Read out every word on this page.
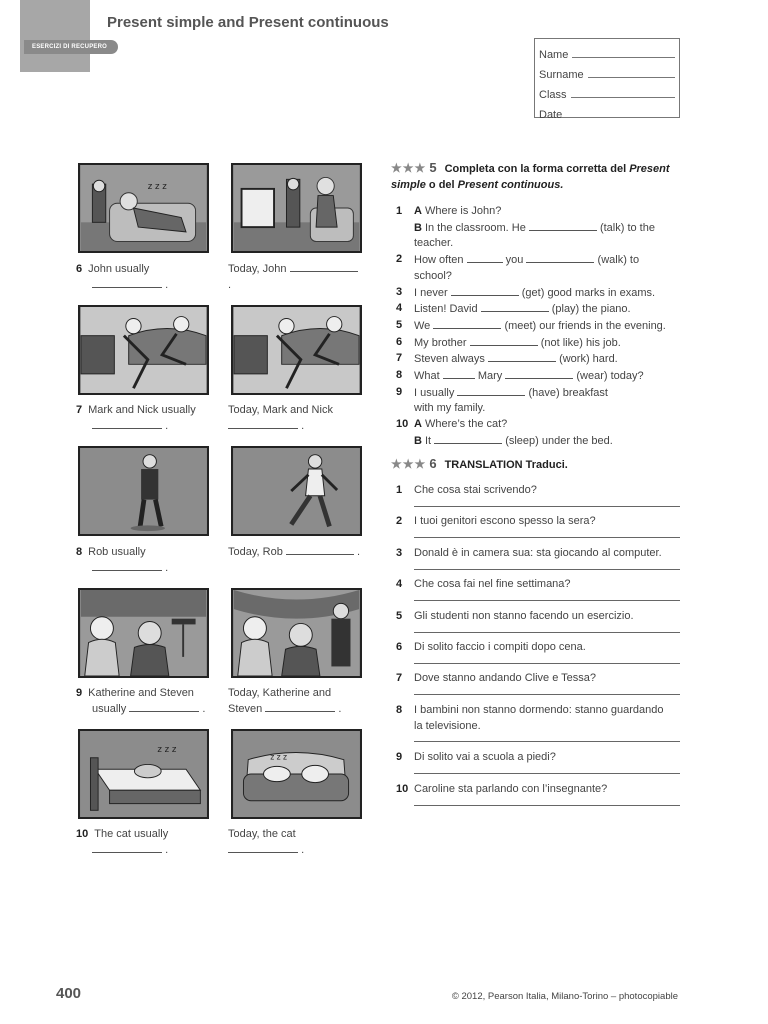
ESERCIZI DI RECUPERO
Present simple and Present continuous
Name
Surname
Class
Date
z z z
6 John usually
.
Today, John
.
7 Mark and Nick usually
.
Today, Mark and Nick
.
8 Rob usually
.
Today, Rob	.
9 Katherine and Steven
usually	.
Today, Katherine and
Steven	.
z z z
z z z
10 The cat usually
.
Today, the cat
.
★★★ 5 Completa con la forma corretta del Present simple o del Present continuous.
1 A Where is John?
B In the classroom. He	(talk) to the
teacher.
2 How often	you	(walk) to
school?
3 I never	(get) good marks in exams.
4 Listen! David	(play) the piano.
5 We	(meet) our friends in the evening.
6 My brother	(not like) his job.
7 Steven always	(work) hard.
8 What	Mary	(wear) today?
9 I usually	(have) breakfast
with my family.
10 A Where’s the cat?
B It	(sleep) under the bed.
★★★ 6 TRANSLATION Traduci.
1	Che cosa stai scrivendo?
2	I tuoi genitori escono spesso la sera?
3	Donald è in camera sua: sta giocando al computer.
4	Che cosa fai nel fine settimana?
5	Gli studenti non stanno facendo un esercizio.
6	Di solito faccio i compiti dopo cena.
7	Dove stanno andando Clive e Tessa?
8	I bambini non stanno dormendo: stanno guardando
la televisione.
9	Di solito vai a scuola a piedi?
10 Caroline sta parlando con l’insegnante?
400	© 2012, Pearson Italia, Milano-Torino – photocopiable
